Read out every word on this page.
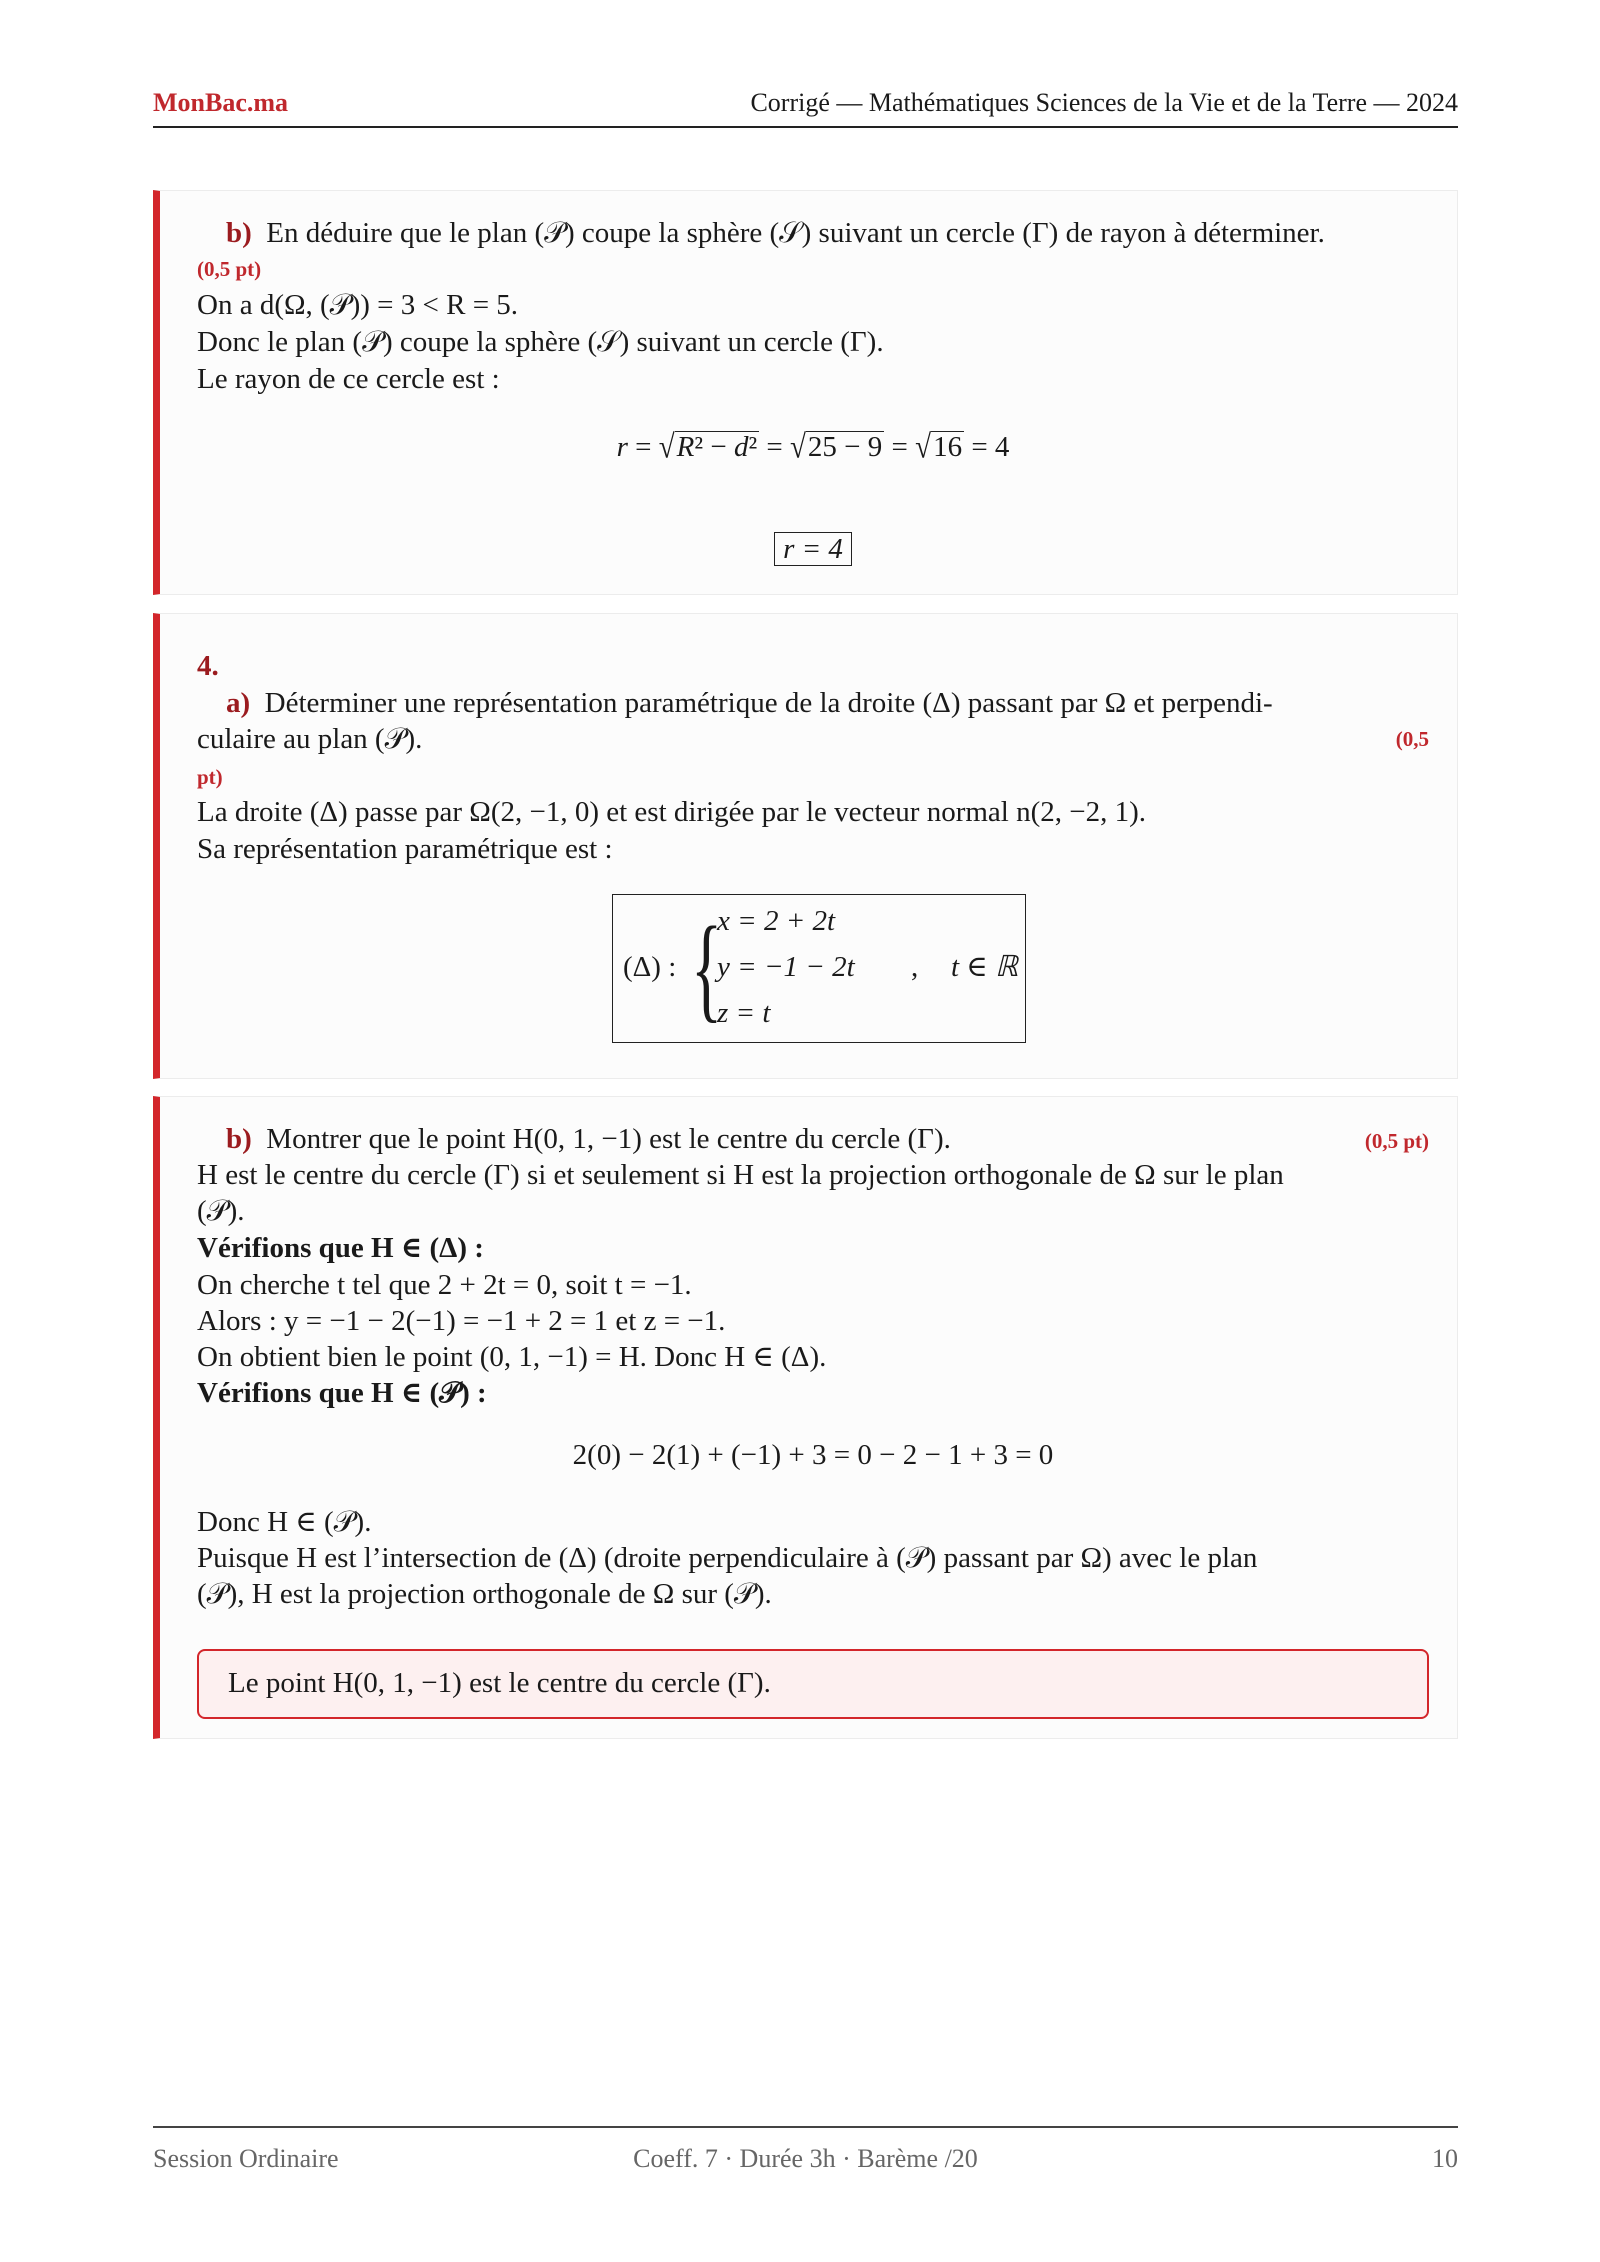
MonBac.ma	Corrigé — Mathématiques Sciences de la Vie et de la Terre — 2024
b) En déduire que le plan (𝒫) coupe la sphère (𝒮) suivant un cercle (Γ) de rayon à déterminer.
(0,5 pt)
On a d(Ω, (𝒫)) = 3 < R = 5.
Donc le plan (𝒫) coupe la sphère (𝒮) suivant un cercle (Γ).
Le rayon de ce cercle est :
r = √R² − d² = √25 − 9 = √16 = 4
r = 4
4.
a) Déterminer une représentation paramétrique de la droite (Δ) passant par Ω et perpendi-
culaire au plan (𝒫).	(0,5
pt)
La droite (Δ) passe par Ω(2, −1, 0) et est dirigée par le vecteur normal n(2, −2, 1).
Sa représentation paramétrique est :
(Δ) : {
x = 2 + 2t
y = −1 − 2t
z = t
, t ∈ ℝ
b) Montrer que le point H(0, 1, −1) est le centre du cercle (Γ).	(0,5 pt)
H est le centre du cercle (Γ) si et seulement si H est la projection orthogonale de Ω sur le plan
(𝒫).
Vérifions que H ∈ (Δ) :
On cherche t tel que 2 + 2t = 0, soit t = −1.
Alors : y = −1 − 2(−1) = −1 + 2 = 1 et z = −1.
On obtient bien le point (0, 1, −1) = H. Donc H ∈ (Δ).
Vérifions que H ∈ (𝒫) :
2(0) − 2(1) + (−1) + 3 = 0 − 2 − 1 + 3 = 0
Donc H ∈ (𝒫).
Puisque H est l’intersection de (Δ) (droite perpendiculaire à (𝒫) passant par Ω) avec le plan
(𝒫), H est la projection orthogonale de Ω sur (𝒫).
Le point H(0, 1, −1) est le centre du cercle (Γ).
Session Ordinaire	Coeff. 7 · Durée 3h · Barème /20	10
